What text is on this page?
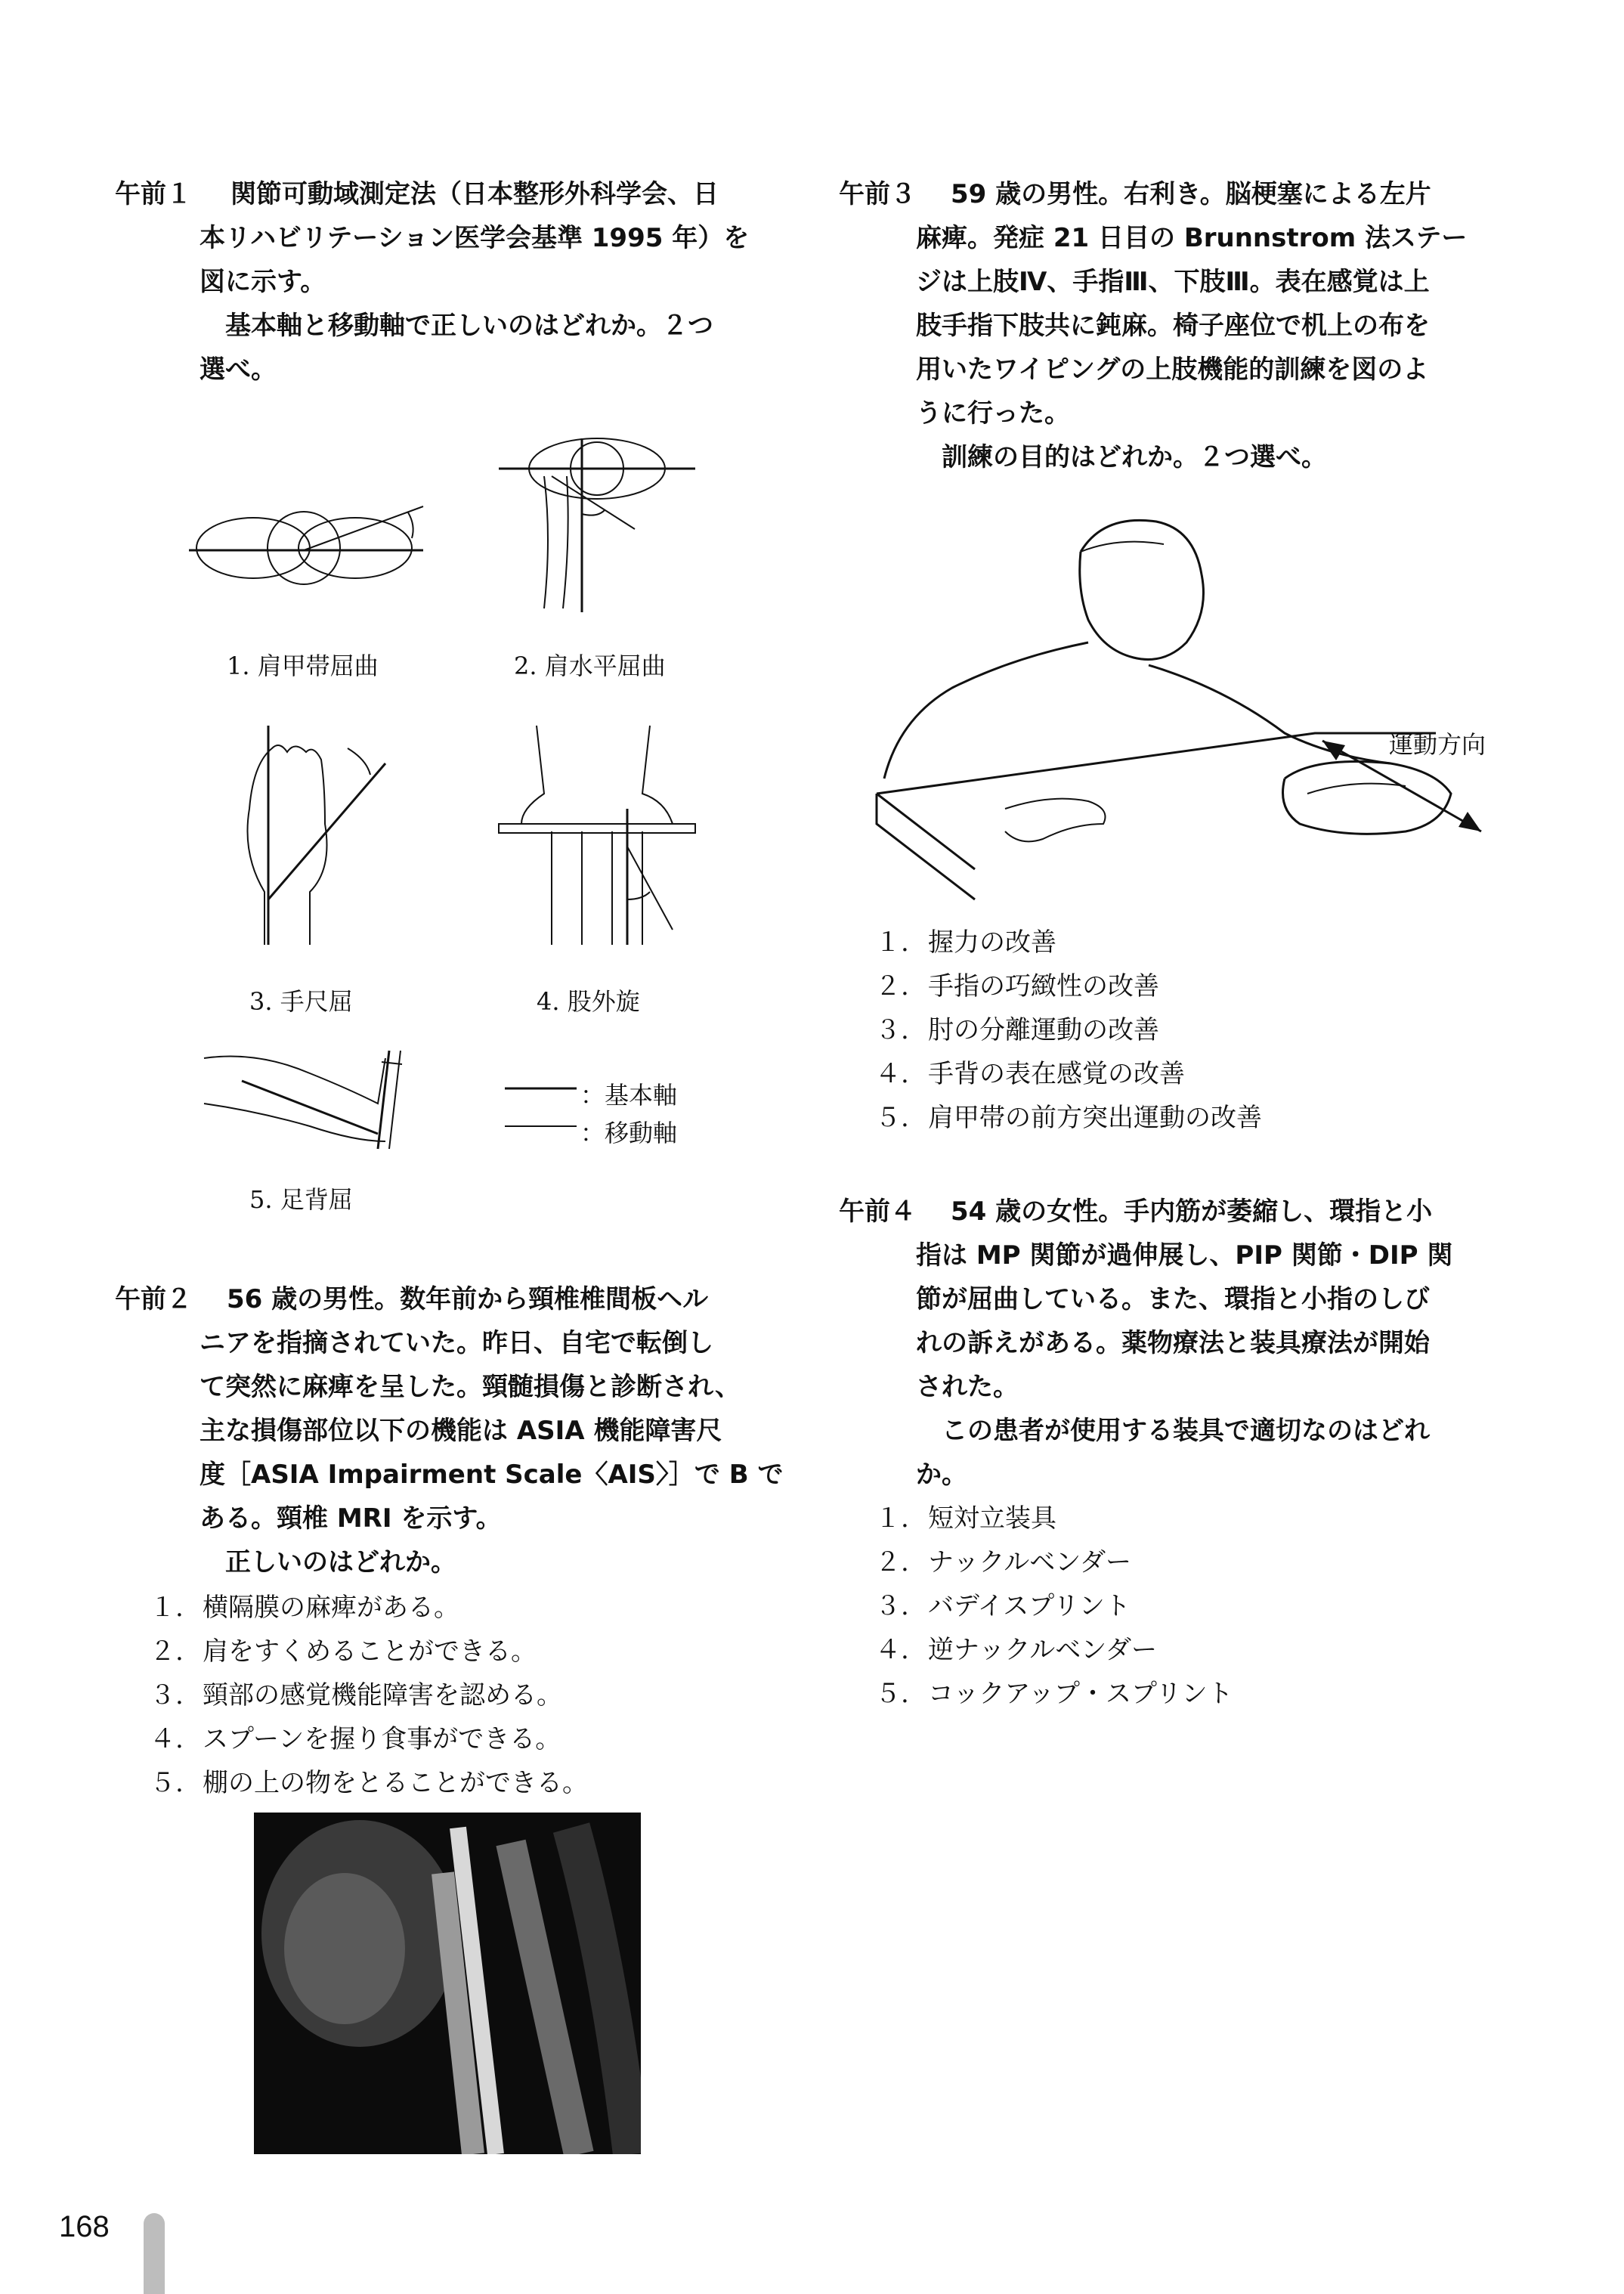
午前１ 関節可動域測定法（日本整形外科学会、日
本リハビリテーション医学会基準 1995 年）を
図に示す。
　基本軸と移動軸で正しいのはどれか。２つ
選べ。
1. 肩甲帯屈曲	2. 肩水平屈曲
3. 手尺屈	4. 股外旋
5. 足背屈
：基本軸
：移動軸
午前２ 56 歳の男性。数年前から頸椎椎間板ヘル
ニアを指摘されていた。昨日、自宅で転倒し
て突然に麻痺を呈した。頸髄損傷と診断され、
主な損傷部位以下の機能は ASIA 機能障害尺
度［ASIA Impairment Scale〈AIS〉］で B で
ある。頸椎 MRI を示す。
　正しいのはどれか。
１. 横隔膜の麻痺がある。
２. 肩をすくめることができる。
３. 頸部の感覚機能障害を認める。
４. スプーンを握り食事ができる。
５. 棚の上の物をとることができる。
午前３ 59 歳の男性。右利き。脳梗塞による左片
麻痺。発症 21 日目の Brunnstrom 法ステー
ジは上肢Ⅳ、手指Ⅲ、下肢Ⅲ。表在感覚は上
肢手指下肢共に鈍麻。椅子座位で机上の布を
用いたワイピングの上肢機能的訓練を図のよ
うに行った。
　訓練の目的はどれか。２つ選べ。
運動方向
１. 握力の改善
２. 手指の巧緻性の改善
３. 肘の分離運動の改善
４. 手背の表在感覚の改善
５. 肩甲帯の前方突出運動の改善
午前４ 54 歳の女性。手内筋が萎縮し、環指と小
指は MP 関節が過伸展し、PIP 関節・DIP 関
節が屈曲している。また、環指と小指のしび
れの訴えがある。薬物療法と装具療法が開始
された。
　この患者が使用する装具で適切なのはどれ
か。
１. 短対立装具
２. ナックルベンダー
３. バデイスプリント
４. 逆ナックルベンダー
５. コックアップ・スプリント
168
